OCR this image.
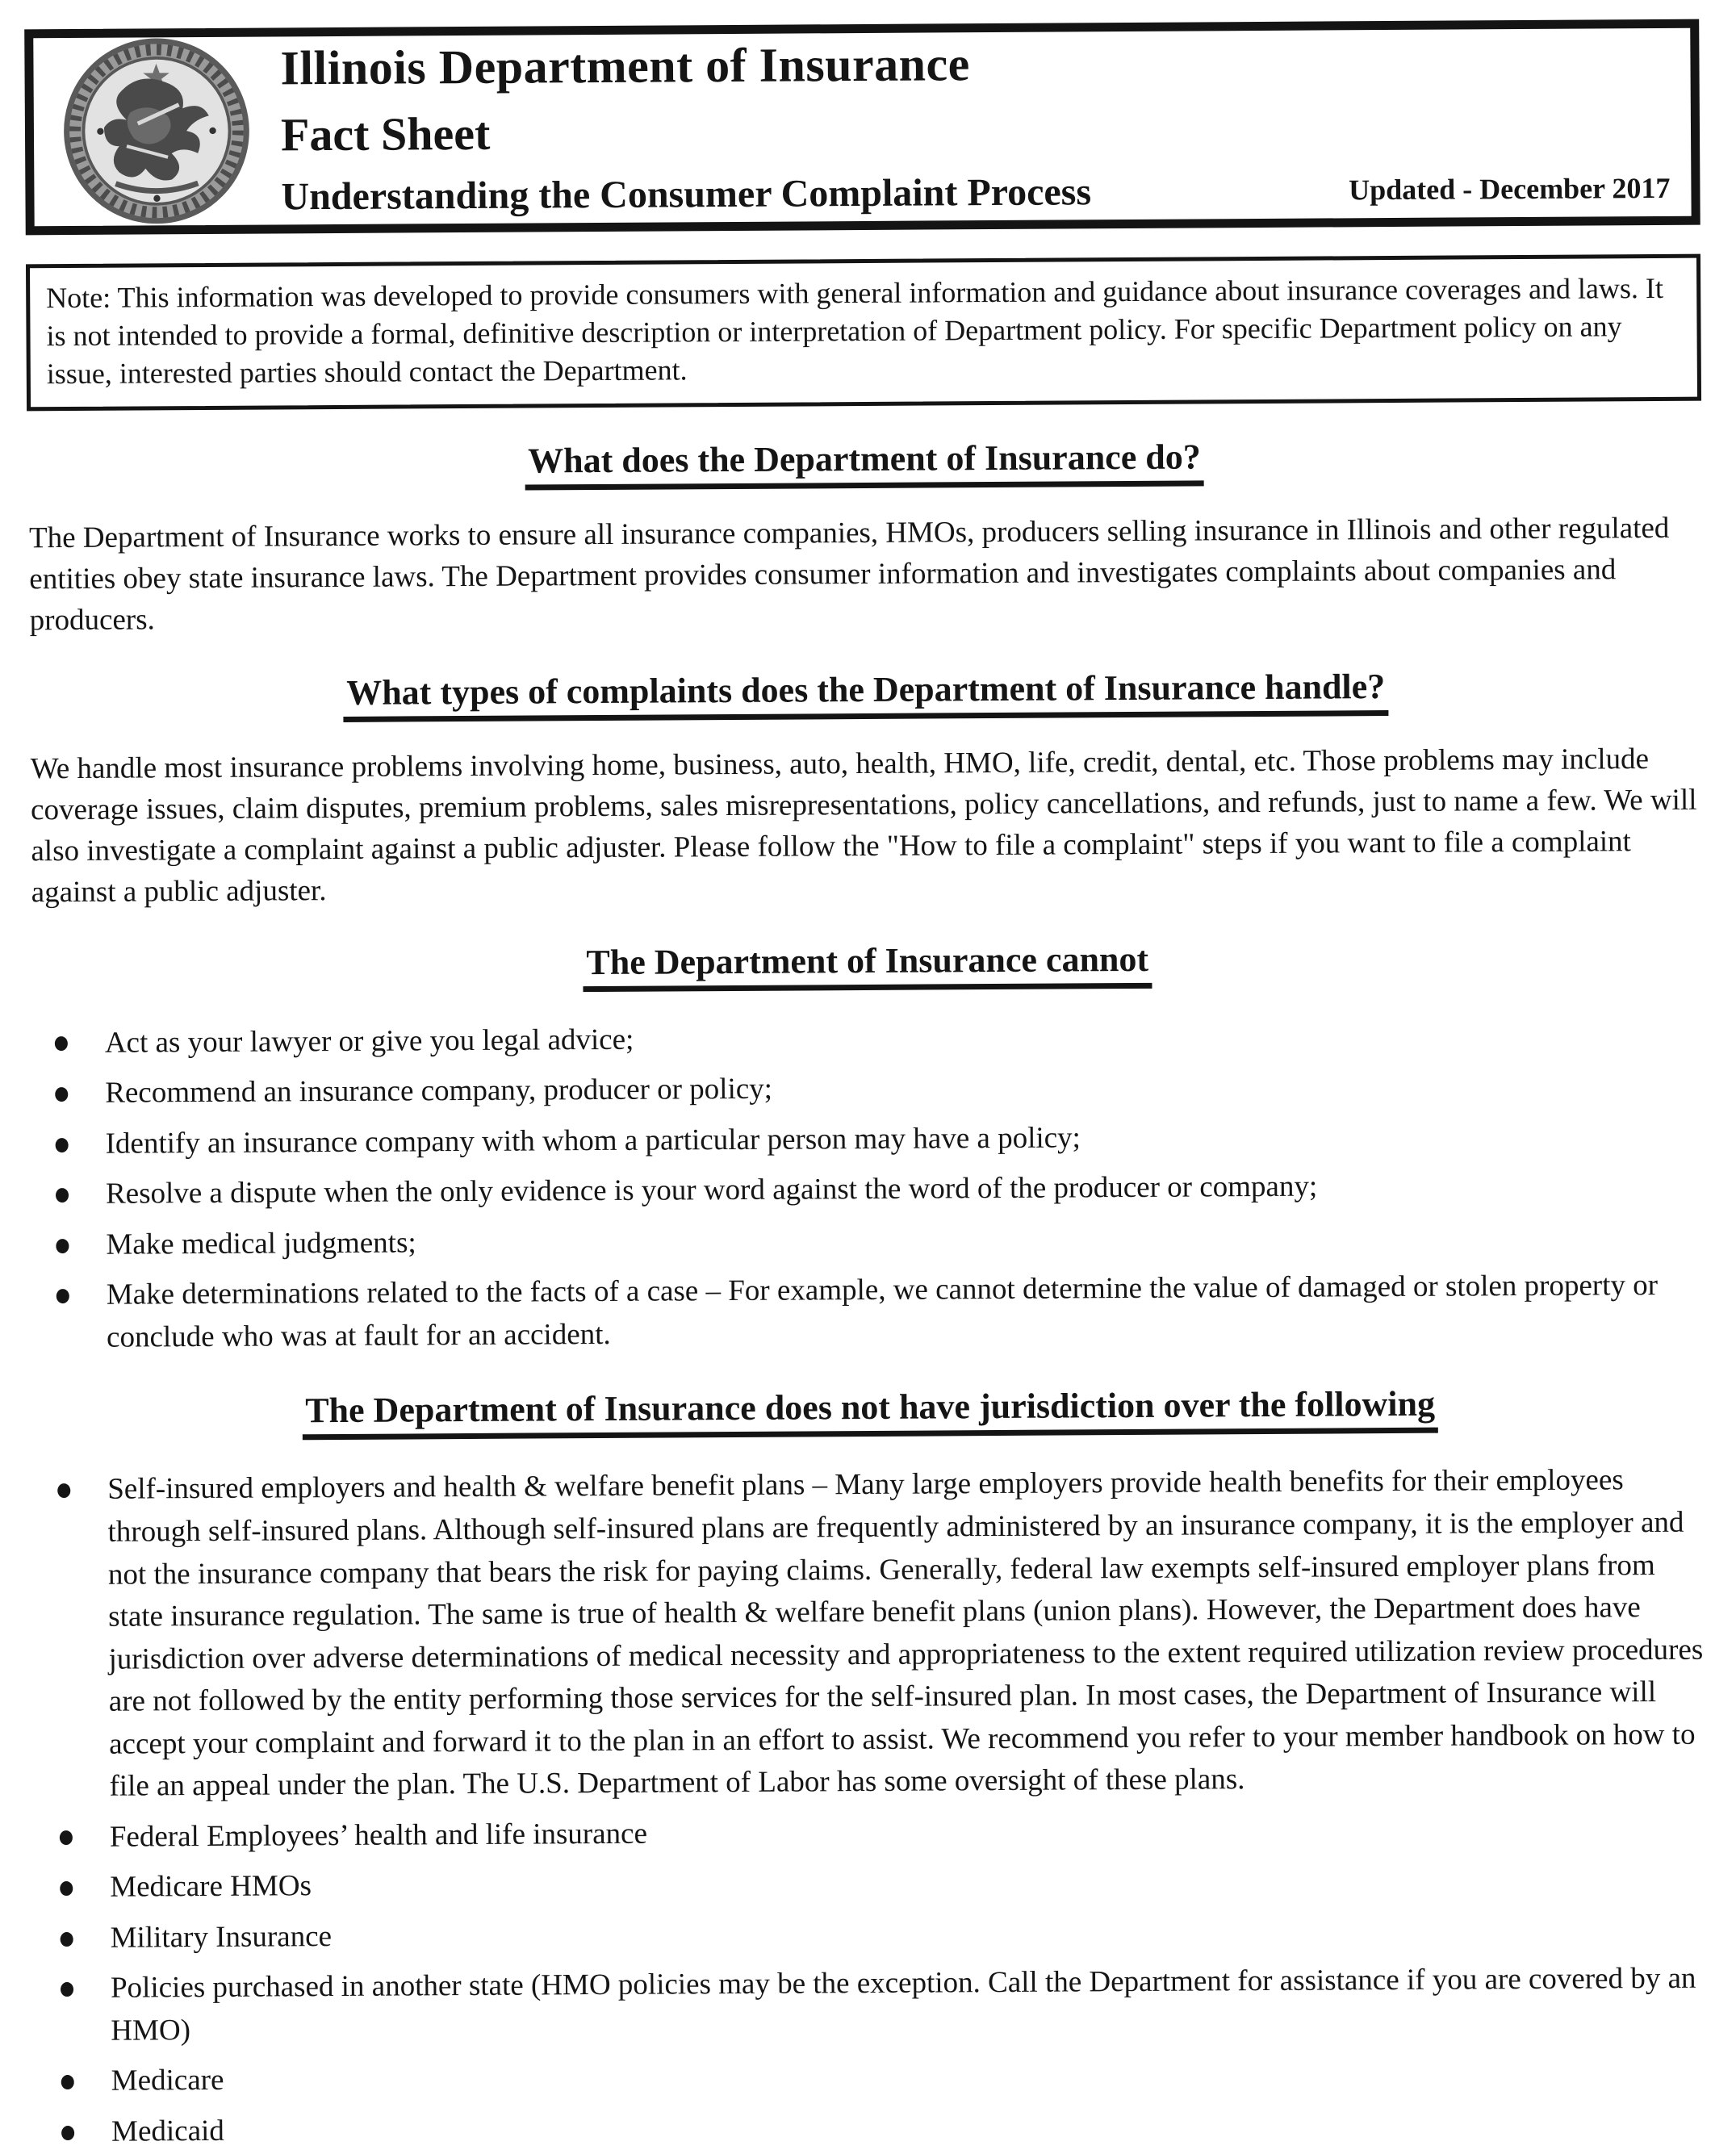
Illinois Department of Insurance
Fact Sheet
Understanding the Consumer Complaint Process	Updated - December 2017

Note: This information was developed to provide consumers with general information and guidance about insurance coverages and laws. It is not intended to provide a formal, definitive description or interpretation of Department policy. For specific Department policy on any issue, interested parties should contact the Department.

What does the Department of Insurance do?

The Department of Insurance works to ensure all insurance companies, HMOs, producers selling insurance in Illinois and other regulated entities obey state insurance laws. The Department provides consumer information and investigates complaints about companies and producers.

What types of complaints does the Department of Insurance handle?

We handle most insurance problems involving home, business, auto, health, HMO, life, credit, dental, etc. Those problems may include coverage issues, claim disputes, premium problems, sales misrepresentations, policy cancellations, and refunds, just to name a few. We will also investigate a complaint against a public adjuster. Please follow the "How to file a complaint" steps if you want to file a complaint against a public adjuster.

The Department of Insurance cannot
Act as your lawyer or give you legal advice;
Recommend an insurance company, producer or policy;
Identify an insurance company with whom a particular person may have a policy;
Resolve a dispute when the only evidence is your word against the word of the producer or company;
Make medical judgments;
Make determinations related to the facts of a case – For example, we cannot determine the value of damaged or stolen property or conclude who was at fault for an accident.
The Department of Insurance does not have jurisdiction over the following
Self-insured employers and health & welfare benefit plans – Many large employers provide health benefits for their employees through self-insured plans. Although self-insured plans are frequently administered by an insurance company, it is the employer and not the insurance company that bears the risk for paying claims. Generally, federal law exempts self-insured employer plans from state insurance regulation. The same is true of health & welfare benefit plans (union plans). However, the Department does have jurisdiction over adverse determinations of medical necessity and appropriateness to the extent required utilization review procedures are not followed by the entity performing those services for the self-insured plan. In most cases, the Department of Insurance will accept your complaint and forward it to the plan in an effort to assist. We recommend you refer to your member handbook on how to file an appeal under the plan. The U.S. Department of Labor has some oversight of these plans.
Federal Employees’ health and life insurance
Medicare HMOs
Military Insurance
Policies purchased in another state (HMO policies may be the exception. Call the Department for assistance if you are covered by an HMO)
Medicare
Medicaid
